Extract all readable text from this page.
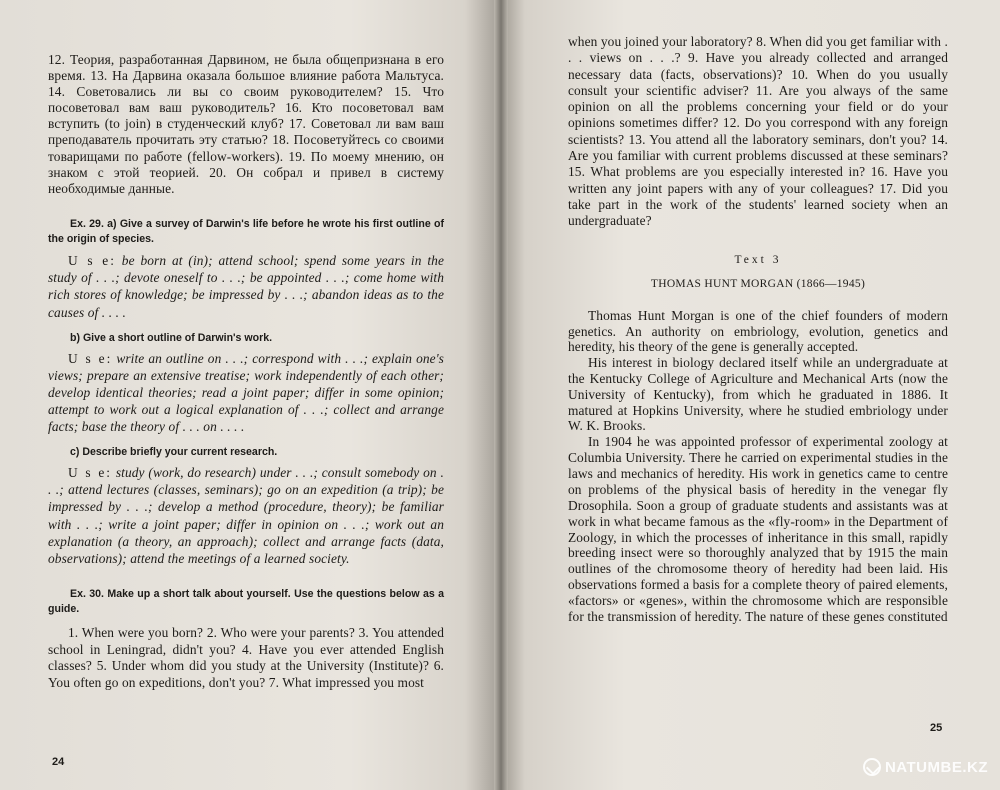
12. Теория, разработанная Дарвином, не была общепризнана в его время. 13. На Дарвина оказала большое влияние работа Мальтуса. 14. Советовались ли вы со своим руководителем? 15. Что посоветовал вам ваш руководитель? 16. Кто посоветовал вам вступить (to join) в студенческий клуб? 17. Советовал ли вам ваш преподаватель прочитать эту статью? 18. Посоветуйтесь со своими товарищами по работе (fellow-workers). 19. По моему мнению, он знаком с этой теорией. 20. Он собрал и привел в систему необходимые данные.

Ex. 29. a) Give a survey of Darwin's life before he wrote his first outline of the origin of species.

U s e: be born at (in); attend school; spend some years in the study of . . .; devote oneself to . . .; be appointed . . .; come home with rich stores of knowledge; be impressed by . . .; abandon ideas as to the causes of . . . .

b) Give a short outline of Darwin's work.

U s e: write an outline on . . .; correspond with . . .; explain one's views; prepare an extensive treatise; work independently of each other; develop identical theories; read a joint paper; differ in some opinion; attempt to work out a logical explanation of . . .; collect and arrange facts; base the theory of . . . on . . . .

c) Describe briefly your current research.

U s e: study (work, do research) under . . .; consult somebody on . . .; attend lectures (classes, seminars); go on an expedition (a trip); be impressed by . . .; develop a method (procedure, theory); be familiar with . . .; write a joint paper; differ in opinion on . . .; work out an explanation (a theory, an approach); collect and arrange facts (data, observations); attend the meetings of a learned society.

Ex. 30. Make up a short talk about yourself. Use the questions below as a guide.

1. When were you born? 2. Who were your parents? 3. You attended school in Leningrad, didn't you? 4. Have you ever attended English classes? 5. Under whom did you study at the University (Institute)? 6. You often go on expeditions, don't you? 7. What impressed you most

24

when you joined your laboratory? 8. When did you get familiar with . . . views on . . .? 9. Have you already collected and arranged necessary data (facts, observations)? 10. When do you usually consult your scientific adviser? 11. Are you always of the same opinion on all the problems concerning your field or do your opinions sometimes differ? 12. Do you correspond with any foreign scientists? 13. You attend all the laboratory seminars, don't you? 14. Are you familiar with current problems discussed at these seminars? 15. What problems are you especially interested in? 16. Have you written any joint papers with any of your colleagues? 17. Did you take part in the work of the students' learned society when an undergraduate?

Text 3

THOMAS HUNT MORGAN (1866—1945)

Thomas Hunt Morgan is one of the chief founders of modern genetics. An authority on embriology, evolution, genetics and heredity, his theory of the gene is generally accepted.

His interest in biology declared itself while an undergraduate at the Kentucky College of Agriculture and Mechanical Arts (now the University of Kentucky), from which he graduated in 1886. It matured at Hopkins University, where he studied embriology under W. K. Brooks.

In 1904 he was appointed professor of experimental zoology at Columbia University. There he carried on experimental studies in the laws and mechanics of heredity. His work in genetics came to centre on problems of the physical basis of heredity in the venegar fly Drosophila. Soon a group of graduate students and assistants was at work in what became famous as the «fly-room» in the Department of Zoology, in which the processes of inheritance in this small, rapidly breeding insect were so thoroughly analyzed that by 1915 the main outlines of the chromosome theory of heredity had been laid. His observations formed a basis for a complete theory of paired elements, «factors» or «genes», within the chromosome which are responsible for the transmission of heredity. The nature of these genes constituted

25
NATUMBE.KZ
